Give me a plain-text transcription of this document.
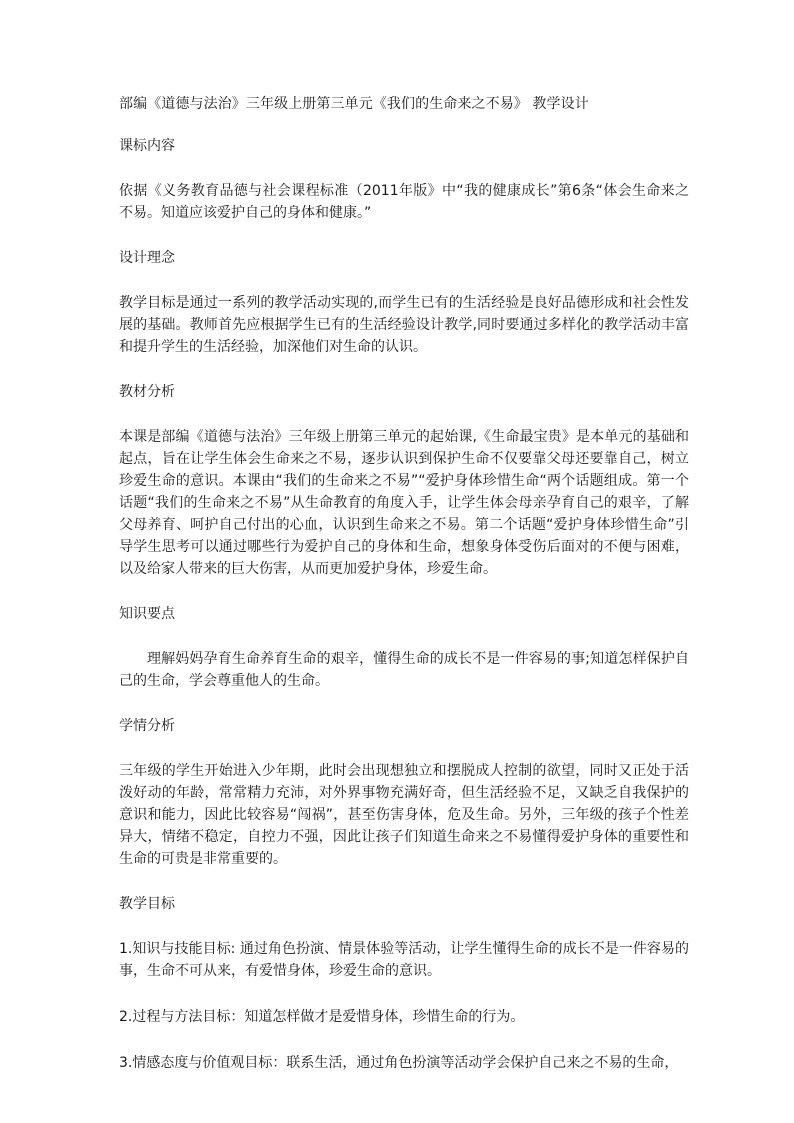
部编《道德与法治》三年级上册第三单元《我们的生命来之不易》 教学设计
课标内容

依据《义务教育品德与社会课程标准（2011年版》中“我的健康成长”第6条“体会生命来之不易。知道应该爱护自己的身体和健康。”

设计理念

教学目标是通过一系列的教学活动实现的,而学生已有的生活经验是良好品德形成和社会性发展的基础。教师首先应根据学生已有的生活经验设计教学,同时要通过多样化的教学活动丰富和提升学生的生活经验，加深他们对生命的认识。

教材分析

本课是部编《道德与法治》三年级上册第三单元的起始课,《生命最宝贵》是本单元的基础和起点，旨在让学生体会生命来之不易，逐步认识到保护生命不仅要靠父母还要靠自己，树立珍爱生命的意识。本课由“我们的生命来之不易”“爱护身体珍惜生命“两个话题组成。第一个话题“我们的生命来之不易”从生命教育的角度入手，让学生体会母亲孕育自己的艰辛，了解父母养育、呵护自己付出的心血，认识到生命来之不易。第二个话题“爱护身体珍惜生命”引导学生思考可以通过哪些行为爱护自己的身体和生命，想象身体受伤后面对的不便与困难，以及给家人带来的巨大伤害，从而更加爱护身体，珍爱生命。

知识要点

理解妈妈孕育生命养育生命的艰辛，懂得生命的成长不是一件容易的事;知道怎样保护自己的生命，学会尊重他人的生命。

学情分析

三年级的学生开始进入少年期，此时会出现想独立和摆脱成人控制的欲望，同时又正处于活泼好动的年龄，常常精力充沛，对外界事物充满好奇，但生活经验不足，又缺乏自我保护的意识和能力，因此比较容易“闯祸”，甚至伤害身体，危及生命。另外，三年级的孩子个性差异大，情绪不稳定，自控力不强，因此让孩子们知道生命来之不易懂得爱护身体的重要性和生命的可贵是非常重要的。

教学目标

1.知识与技能目标: 通过角色扮演、情景体验等活动，让学生懂得生命的成长不是一件容易的事，生命不可从来，有爱惜身体，珍爱生命的意识。

2.过程与方法目标：知道怎样做才是爱惜身体，珍惜生命的行为。

3.情感态度与价值观目标：联系生活，通过角色扮演等活动学会保护自己来之不易的生命，
